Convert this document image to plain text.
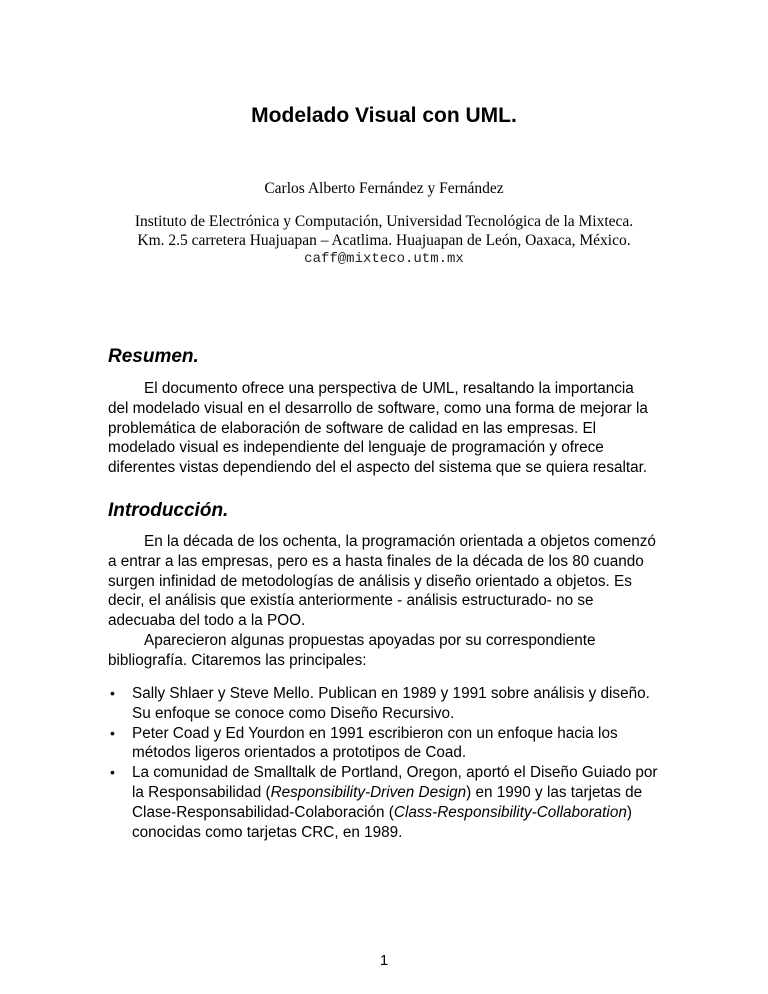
Modelado Visual con UML.
Carlos Alberto Fernández y Fernández
Instituto de Electrónica y Computación, Universidad Tecnológica de la Mixteca.
Km. 2.5 carretera Huajuapan – Acatlima. Huajuapan de León, Oaxaca, México.
caff@mixteco.utm.mx
Resumen.

El documento ofrece una perspectiva de UML, resaltando la importancia del modelado visual en el desarrollo de software, como una forma de mejorar la problemática de elaboración de software de calidad en las empresas. El modelado visual es independiente del lenguaje de programación y ofrece diferentes vistas dependiendo del el aspecto del sistema que se quiera resaltar.

Introducción.

En la década de los ochenta, la programación orientada a objetos comenzó a entrar a las empresas, pero es a hasta finales de la década de los 80 cuando surgen infinidad de metodologías de análisis y diseño orientado a objetos. Es decir, el análisis que existía anteriormente - análisis estructurado- no se adecuaba del todo a la POO.

Aparecieron algunas propuestas apoyadas por su correspondiente bibliografía. Citaremos las principales:

• Sally Shlaer y Steve Mello. Publican en 1989 y 1991 sobre análisis y diseño. Su enfoque se conoce como Diseño Recursivo.
• Peter Coad y Ed Yourdon en 1991 escribieron con un enfoque hacia los métodos ligeros orientados a prototipos de Coad.
• La comunidad de Smalltalk de Portland, Oregon, aportó el Diseño Guiado por la Responsabilidad (Responsibility-Driven Design) en 1990 y las tarjetas de Clase-Responsabilidad-Colaboración (Class-Responsibility-Collaboration) conocidas como tarjetas CRC, en 1989.
1
